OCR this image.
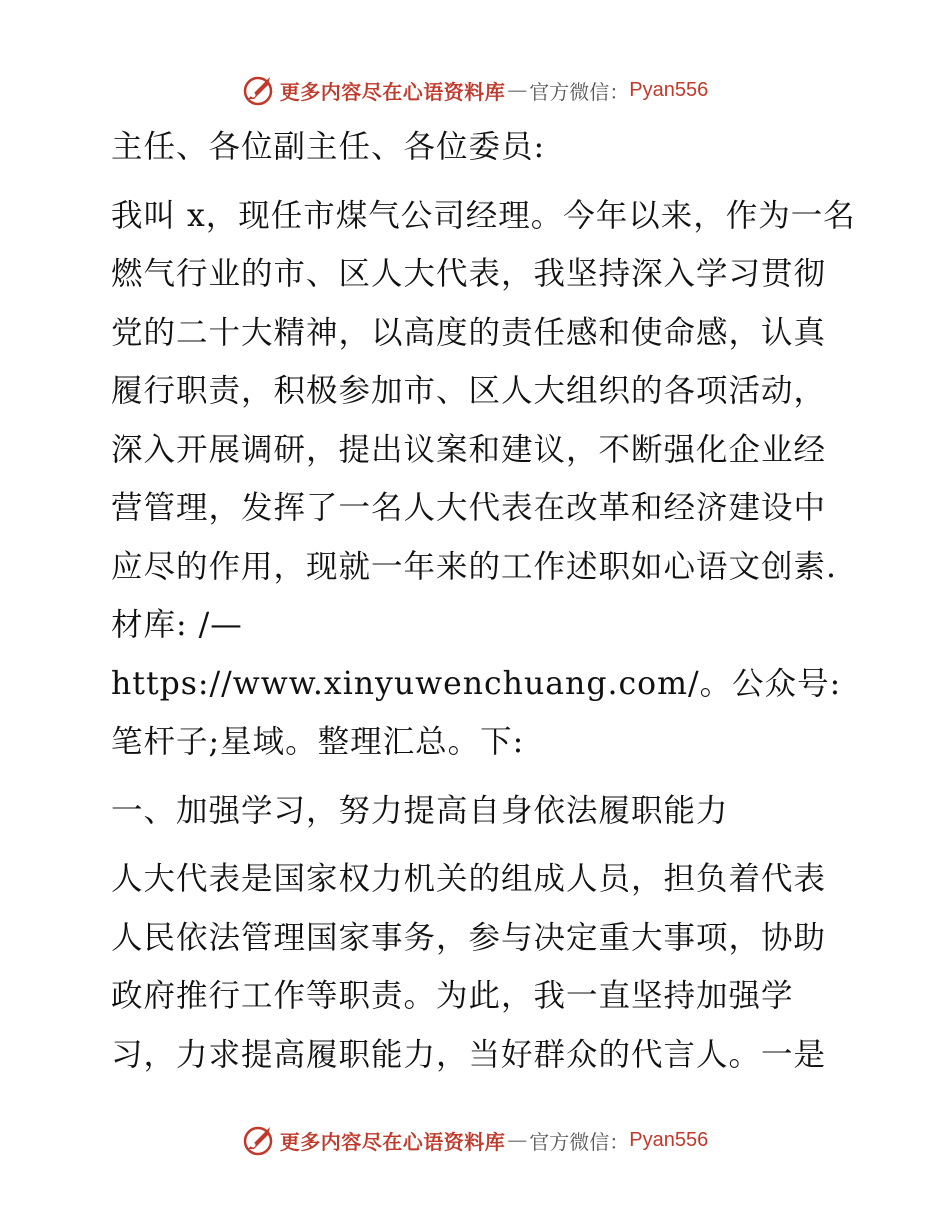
更多内容尽在心语资料库 — 官方微信： Pyan556

主任、各位副主任、各位委员:

我叫 x，现任市煤气公司经理。今年以来，作为一名燃气行业的市、区人大代表，我坚持深入学习贯彻党的二十大精神，以高度的责任感和使命感，认真履行职责，积极参加市、区人大组织的各项活动，深入开展调研，提出议案和建议，不断强化企业经营管理，发挥了一名人大代表在改革和经济建设中应尽的作用，现就一年来的工作述职如心语文创素.材库: /—https://www.xinyuwenchuang.com/。公众号: 笔杆子;星域。整理汇总。下:

一、加强学习，努力提高自身依法履职能力

人大代表是国家权力机关的组成人员，担负着代表人民依法管理国家事务，参与决定重大事项，协助政府推行工作等职责。为此，我一直坚持加强学习，力求提高履职能力，当好群众的代言人。一是

更多内容尽在心语资料库 — 官方微信： Pyan556
